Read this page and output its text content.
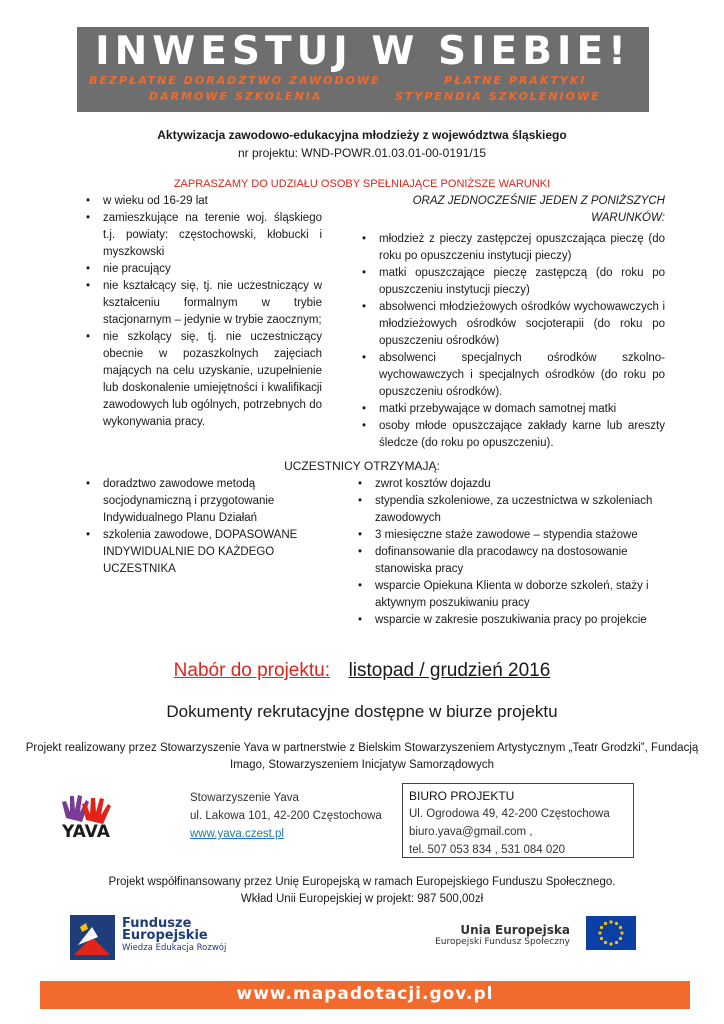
INWESTUJ W SIEBIE!
BEZPŁATNE DORADZTWO ZAWODOWE	PŁATNE PRAKTYKI
DARMOWE SZKOLENIA	STYPENDIA SZKOLENIOWE
Aktywizacja zawodowo-edukacyjna młodzieży z województwa śląskiego
nr projektu: WND-POWR.01.03.01-00-0191/15
ZAPRASZAMY DO UDZIAŁU OSOBY SPEŁNIAJĄCE PONIŻSZE WARUNKI
• w wieku od 16-29 lat
• zamieszkujące na terenie woj. śląskiego t.j. powiaty: częstochowski, kłobucki i myszkowski
• nie pracujący
• nie kształcący się, tj. nie uczestniczący w kształceniu formalnym w trybie stacjonarnym – jedynie w trybie zaocznym;
• nie szkolący się, tj. nie uczestniczący obecnie w pozaszkolnych zajęciach mających na celu uzyskanie, uzupełnienie lub doskonalenie umiejętności i kwalifikacji zawodowych lub ogólnych, potrzebnych do wykonywania pracy.
ORAZ JEDNOCZEŚNIE JEDEN Z PONIŻSZYCH WARUNKÓW:
• młodzież z pieczy zastępczej opuszczająca pieczę (do roku po opuszczeniu instytucji pieczy)
• matki opuszczające pieczę zastępczą (do roku po opuszczeniu instytucji pieczy)
• absolwenci młodzieżowych ośrodków wychowawczych i młodzieżowych ośrodków socjoterapii (do roku po opuszczeniu ośrodków)
• absolwenci specjalnych ośrodków szkolno-wychowawczych i specjalnych ośrodków (do roku po opuszczeniu ośrodków).
• matki przebywające w domach samotnej matki
• osoby młode opuszczające zakłady karne lub areszty śledcze (do roku po opuszczeniu).
UCZESTNICY OTRZYMAJĄ:
• doradztwo zawodowe metodą socjodynamiczną i przygotowanie Indywidualnego Planu Działań
• szkolenia zawodowe, DOPASOWANE INDYWIDUALNIE DO KAŻDEGO UCZESTNIKA
• zwrot kosztów dojazdu
• stypendia szkoleniowe, za uczestnictwa w szkoleniach zawodowych
• 3 miesięczne staże zawodowe – stypendia stażowe
• dofinansowanie dla pracodawcy na dostosowanie stanowiska pracy
• wsparcie Opiekuna Klienta w doborze szkoleń, staży i aktywnym poszukiwaniu pracy
• wsparcie w zakresie poszukiwania pracy po projekcie
Nabór do projektu: listopad / grudzień 2016
Dokumenty rekrutacyjne dostępne w biurze projektu
Projekt realizowany przez Stowarzyszenie Yava w partnerstwie z Bielskim Stowarzyszeniem Artystycznym „Teatr Grodzki”, Fundacją Imago, Stowarzyszeniem Inicjatyw Samorządowych
YAVA
Stowarzyszenie Yava
ul. Lakowa 101, 42-200 Częstochowa
www.yava.czest.pl
BIURO PROJEKTU
Ul. Ogrodowa 49, 42-200 Częstochowa
biuro.yava@gmail.com ,
tel. 507 053 834 , 531 084 020
Projekt współfinansowany przez Unię Europejską w ramach Europejskiego Funduszu Społecznego.
Wkład Unii Europejskiej w projekt: 987 500,00zł
Fundusze
Europejskie
Wiedza Edukacja Rozwój
Unia Europejska
Europejski Fundusz Społeczny
www.mapadotacji.gov.pl
